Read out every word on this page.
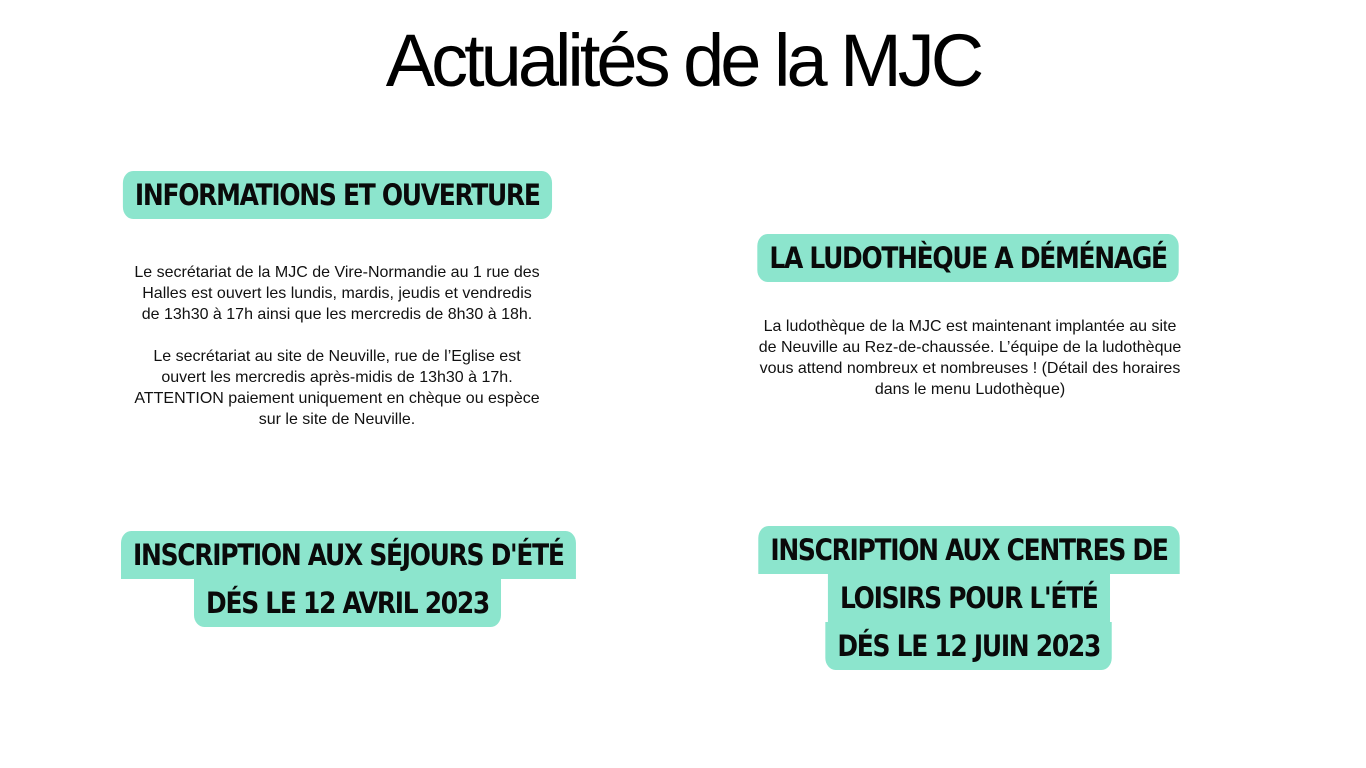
Actualités de la MJC
INFORMATIONS ET OUVERTURE

Le secrétariat de la MJC de Vire-Normandie au 1 rue des Halles est ouvert les lundis, mardis, jeudis et vendredis de 13h30 à 17h ainsi que les mercredis de 8h30 à 18h.

Le secrétariat au site de Neuville, rue de l’Eglise est ouvert les mercredis après-midis de 13h30 à 17h. ATTENTION paiement uniquement en chèque ou espèce sur le site de Neuville.

LA LUDOTHÈQUE A DÉMÉNAGÉ

La ludothèque de la MJC est maintenant implantée au site de Neuville au Rez-de-chaussée. L’équipe de la ludothèque vous attend nombreux et nombreuses ! (Détail des horaires dans le menu Ludothèque)

INSCRIPTION AUX SÉJOURS D'ÉTÉ
DÉS LE 12 AVRIL 2023
INSCRIPTION AUX CENTRES DE
LOISIRS POUR L'ÉTÉ
DÉS LE 12 JUIN 2023
